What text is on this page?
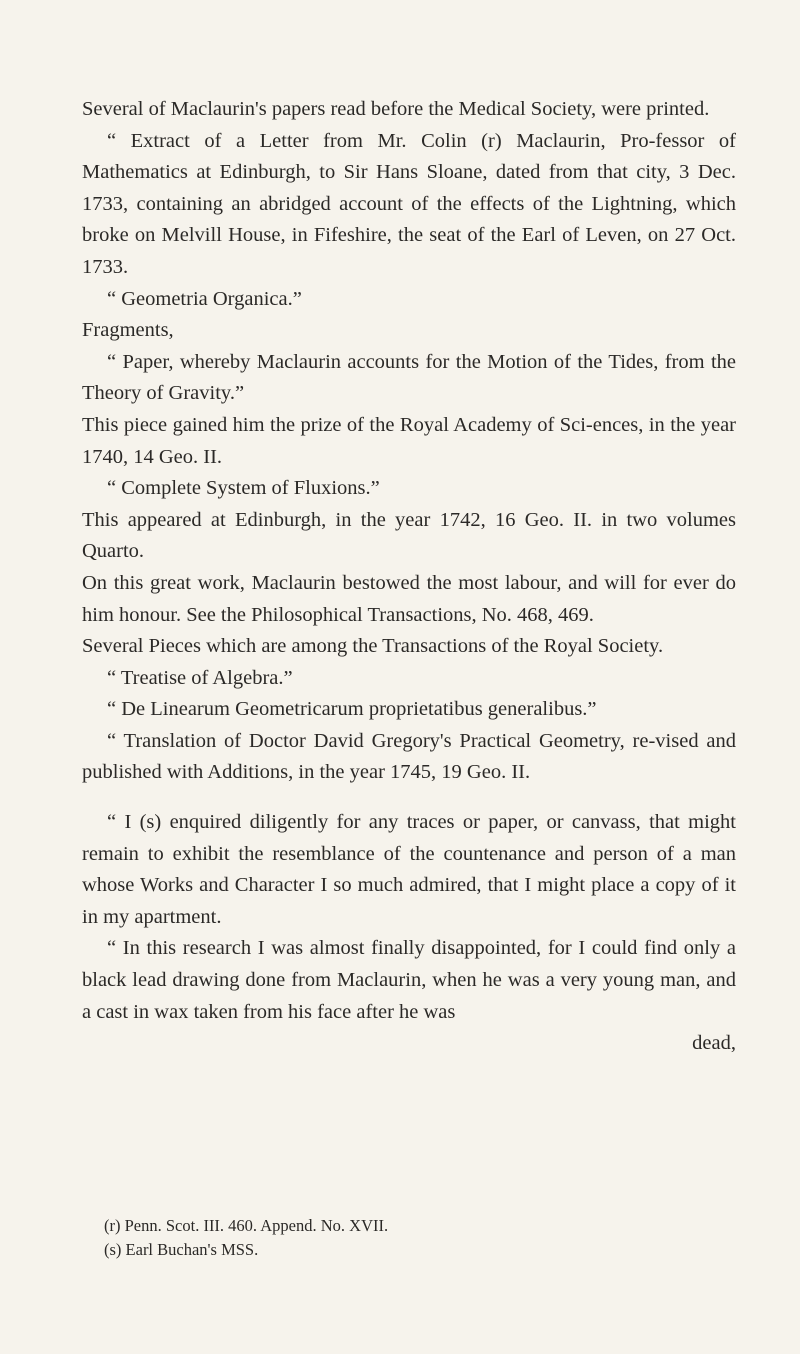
Several of Maclaurin's papers read before the Medical Society, were printed.

“ Extract of a Letter from Mr. Colin (r) Maclaurin, Pro-fessor of Mathematics at Edinburgh, to Sir Hans Sloane, dated from that city, 3 Dec. 1733, containing an abridged account of the effects of the Lightning, which broke on Melvill House, in Fifeshire, the seat of the Earl of Leven, on 27 Oct. 1733.

“ Geometria Organica.”

Fragments,

“ Paper, whereby Maclaurin accounts for the Motion of the Tides, from the Theory of Gravity.”

This piece gained him the prize of the Royal Academy of Sci-ences, in the year 1740, 14 Geo. II.

“ Complete System of Fluxions.”

This appeared at Edinburgh, in the year 1742, 16 Geo. II. in two volumes Quarto.

On this great work, Maclaurin bestowed the most labour, and will for ever do him honour. See the Philosophical Transactions, No. 468, 469.

Several Pieces which are among the Transactions of the Royal Society.

“ Treatise of Algebra.”

“ De Linearum Geometricarum proprietatibus generalibus.”

“ Translation of Doctor David Gregory's Practical Geometry, re-vised and published with Additions, in the year 1745, 19 Geo. II.

“ I (s) enquired diligently for any traces or paper, or canvass, that might remain to exhibit the resemblance of the countenance and person of a man whose Works and Character I so much admired, that I might place a copy of it in my apartment.

“ In this research I was almost finally disappointed, for I could find only a black lead drawing done from Maclaurin, when he was a very young man, and a cast in wax taken from his face after he was

dead,

(r) Penn. Scot. III. 460. Append. No. XVII.

(s) Earl Buchan's MSS.
